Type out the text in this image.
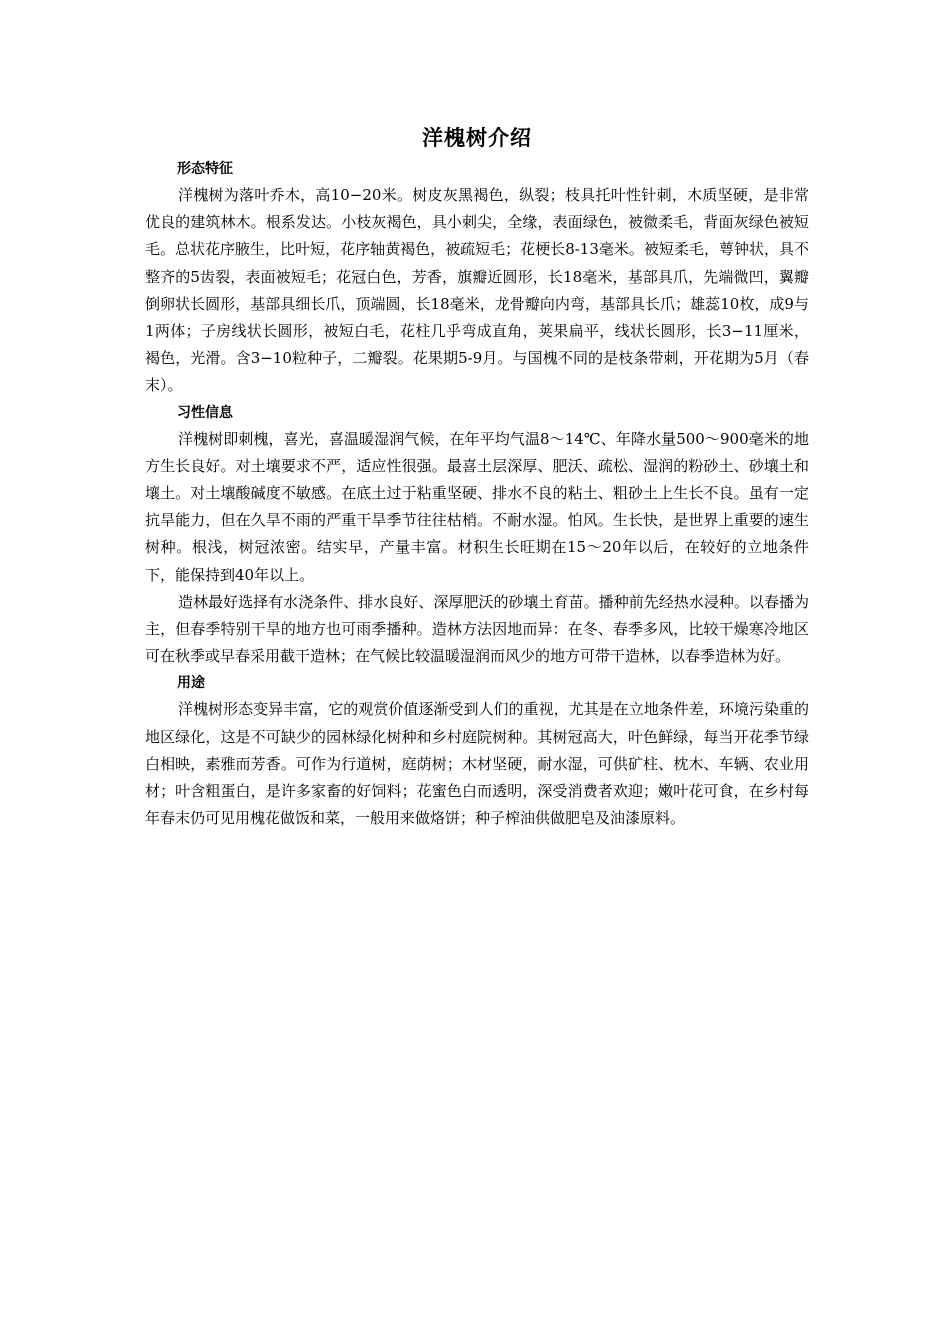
洋槐树介绍
形态特征

洋槐树为落叶乔木，高10−20米。树皮灰黑褐色，纵裂；枝具托叶性针刺，木质坚硬，是非常优良的建筑林木。根系发达。小枝灰褐色，具小刺尖，全缘，表面绿色，被微柔毛，背面灰绿色被短毛。总状花序腋生，比叶短，花序轴黄褐色，被疏短毛；花梗长8-13毫米。被短柔毛，萼钟状，具不整齐的5齿裂，表面被短毛；花冠白色，芳香，旗瓣近圆形，长18毫米，基部具爪，先端微凹，翼瓣倒卵状长圆形，基部具细长爪，顶端圆，长18毫米，龙骨瓣向内弯，基部具长爪；雄蕊10枚，成9与1两体；子房线状长圆形，被短白毛，花柱几乎弯成直角，荚果扁平，线状长圆形，长3−11厘米，褐色，光滑。含3−10粒种子，二瓣裂。花果期5-9月。与国槐不同的是枝条带刺，开花期为5月（春末）。

习性信息

洋槐树即刺槐，喜光，喜温暖湿润气候，在年平均气温8～14℃、年降水量500～900毫米的地方生长良好。对土壤要求不严，适应性很强。最喜土层深厚、肥沃、疏松、湿润的粉砂土、砂壤土和壤土。对土壤酸碱度不敏感。在底土过于粘重坚硬、排水不良的粘土、粗砂土上生长不良。虽有一定抗旱能力，但在久旱不雨的严重干旱季节往往枯梢。不耐水湿。怕风。生长快，是世界上重要的速生树种。根浅，树冠浓密。结实早，产量丰富。材积生长旺期在15～20年以后，在较好的立地条件下，能保持到40年以上。

造林最好选择有水浇条件、排水良好、深厚肥沃的砂壤土育苗。播种前先经热水浸种。以春播为主，但春季特别干旱的地方也可雨季播种。造林方法因地而异：在冬、春季多风，比较干燥寒冷地区可在秋季或早春采用截干造林；在气候比较温暖湿润而风少的地方可带干造林，以春季造林为好。

用途

洋槐树形态变异丰富，它的观赏价值逐渐受到人们的重视，尤其是在立地条件差，环境污染重的地区绿化，这是不可缺少的园林绿化树种和乡村庭院树种。其树冠高大，叶色鲜绿，每当开花季节绿白相映，素雅而芳香。可作为行道树，庭荫树；木材坚硬，耐水湿，可供矿柱、枕木、车辆、农业用材；叶含粗蛋白，是许多家畜的好饲料；花蜜色白而透明，深受消费者欢迎；嫩叶花可食，在乡村每年春末仍可见用槐花做饭和菜，一般用来做烙饼；种子榨油供做肥皂及油漆原料。
